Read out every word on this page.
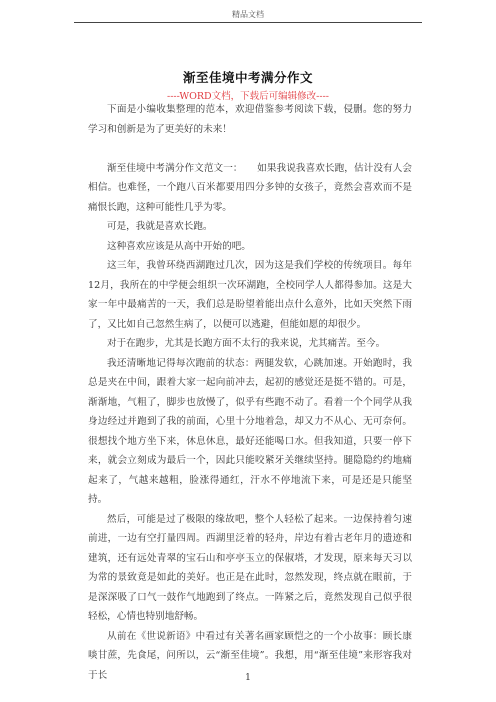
精品文档
渐至佳境中考满分作文
----WORD文档，下载后可编辑修改----

下面是小编收集整理的范本，欢迎借鉴参考阅读下载，侵删。您的努力学习和创新是为了更美好的未来！

渐至佳境中考满分作文范文一：　　如果我说我喜欢长跑，估计没有人会相信。也难怪，一个跑八百米都要用四分多钟的女孩子，竟然会喜欢而不是痛恨长跑，这种可能性几乎为零。

可是，我就是喜欢长跑。

这种喜欢应该是从高中开始的吧。

这三年，我曾环绕西湖跑过几次，因为这是我们学校的传统项目。每年12月，我所在的中学便会组织一次环湖跑，全校同学人人都得参加。这是大家一年中最痛苦的一天，我们总是盼望着能出点什么意外，比如天突然下雨了，又比如自己忽然生病了，以便可以逃避，但能如愿的却很少。

对于在跑步，尤其是长跑方面不太行的我来说，尤其痛苦。至今。

我还清晰地记得每次跑前的状态：两腿发软，心跳加速。开始跑时，我总是夹在中间，跟着大家一起向前冲去，起初的感觉还是挺不错的。可是，渐渐地，气粗了，脚步也放慢了，似乎有些跑不动了。看着一个个同学从我身边经过并跑到了我的前面，心里十分地着急，却又力不从心、无可奈何。很想找个地方坐下来，休息休息，最好还能喝口水。但我知道，只要一停下来，就会立刻成为最后一个，因此只能咬紧牙关继续坚持。腿隐隐约约地痛起来了，气越来越粗，脸涨得通红，汗水不停地流下来，可是还是只能坚持。

然后，可能是过了极限的缘故吧，整个人轻松了起来。一边保持着匀速前进，一边有空打量四周。西湖里泛着的轻舟，岸边有着古老年月的遗迹和建筑，还有远处青翠的宝石山和亭亭玉立的保俶塔，才发现，原来每天习以为常的景致竟是如此的美好。也正是在此时，忽然发现，终点就在眼前，于是深深吸了口气一鼓作气地跑到了终点。一阵紧之后，竟然发现自己似乎很轻松，心情也特别地舒畅。

从前在《世说新语》中看过有关著名画家顾恺之的一个小故事：顾长康啖甘蔗，先食尾，问所以，云“渐至佳境”。我想，用“渐至佳境”来形容我对于长	1
